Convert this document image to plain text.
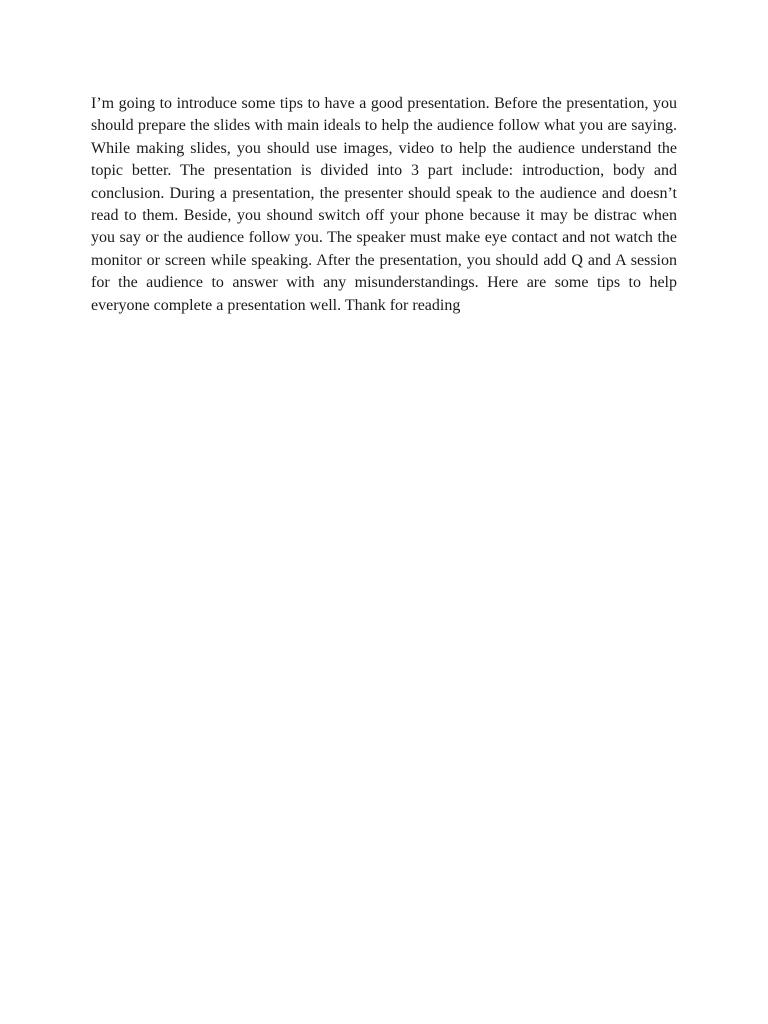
I’m going to introduce some tips to have a good presentation. Before the presentation, you should prepare the slides with main ideals to help the audience follow what you are saying. While making slides, you should use images, video to help the audience understand the topic better. The presentation is divided into 3 part include: introduction, body and conclusion. During a presentation, the presenter should speak to the audience and doesn’t read to them. Beside, you shound switch off your phone because it may be distrac when you say or the audience follow you. The speaker must make eye contact and not watch the monitor or screen while speaking. After the presentation, you should add Q and A session for the audience to answer with any misunderstandings. Here are some tips to help everyone complete a presentation well. Thank for reading
